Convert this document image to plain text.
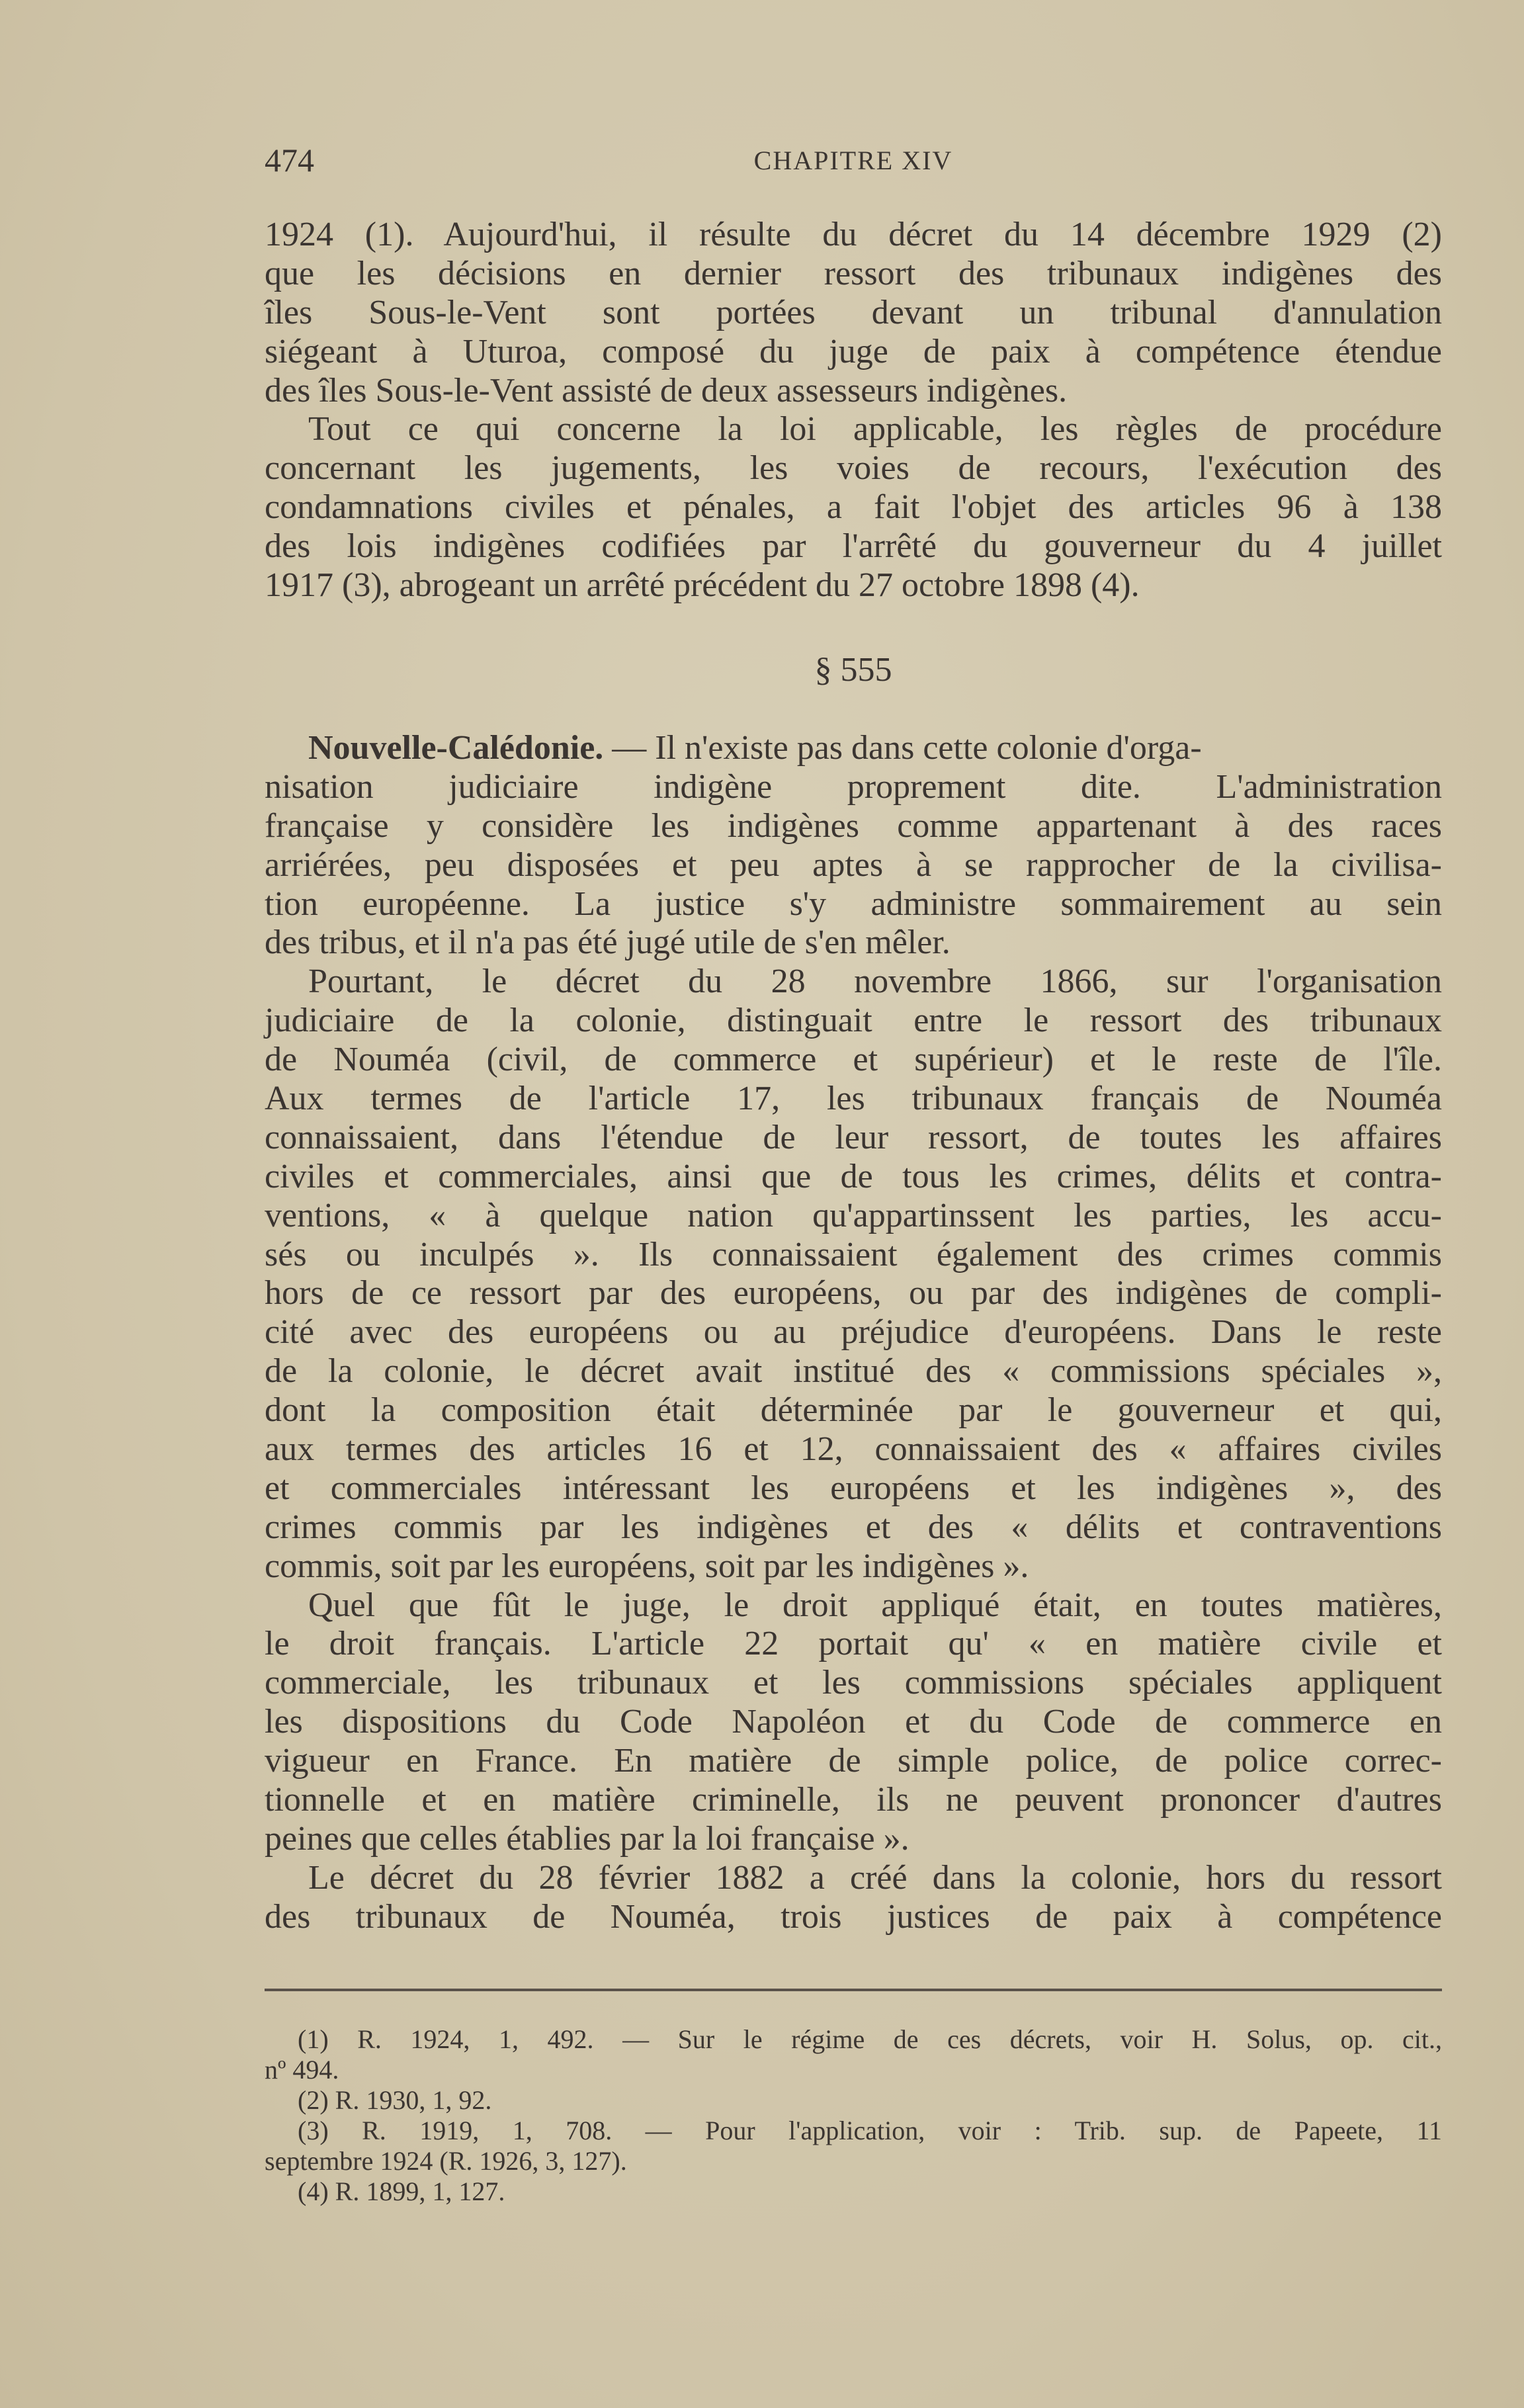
474	CHAPITRE XIV
1924 (1). Aujourd'hui, il résulte du décret du 14 décembre 1929 (2)
que les décisions en dernier ressort des tribunaux indigènes des
îles Sous-le-Vent sont portées devant un tribunal d'annulation
siégeant à Uturoa, composé du juge de paix à compétence étendue
des îles Sous-le-Vent assisté de deux assesseurs indigènes.
Tout ce qui concerne la loi applicable, les règles de procédure
concernant les jugements, les voies de recours, l'exécution des
condamnations civiles et pénales, a fait l'objet des articles 96 à 138
des lois indigènes codifiées par l'arrêté du gouverneur du 4 juillet
1917 (3), abrogeant un arrêté précédent du 27 octobre 1898 (4).
§ 555
Nouvelle-Calédonie. — Il n'existe pas dans cette colonie d'orga-
nisation judiciaire indigène proprement dite. L'administration
française y considère les indigènes comme appartenant à des races
arriérées, peu disposées et peu aptes à se rapprocher de la civilisa-
tion européenne. La justice s'y administre sommairement au sein
des tribus, et il n'a pas été jugé utile de s'en mêler.
Pourtant, le décret du 28 novembre 1866, sur l'organisation
judiciaire de la colonie, distinguait entre le ressort des tribunaux
de Nouméa (civil, de commerce et supérieur) et le reste de l'île.
Aux termes de l'article 17, les tribunaux français de Nouméa
connaissaient, dans l'étendue de leur ressort, de toutes les affaires
civiles et commerciales, ainsi que de tous les crimes, délits et contra-
ventions, « à quelque nation qu'appartinssent les parties, les accu-
sés ou inculpés ». Ils connaissaient également des crimes commis
hors de ce ressort par des européens, ou par des indigènes de compli-
cité avec des européens ou au préjudice d'européens. Dans le reste
de la colonie, le décret avait institué des « commissions spéciales »,
dont la composition était déterminée par le gouverneur et qui,
aux termes des articles 16 et 12, connaissaient des « affaires civiles
et commerciales intéressant les européens et les indigènes », des
crimes commis par les indigènes et des « délits et contraventions
commis, soit par les européens, soit par les indigènes ».
Quel que fût le juge, le droit appliqué était, en toutes matières,
le droit français. L'article 22 portait qu' « en matière civile et
commerciale, les tribunaux et les commissions spéciales appliquent
les dispositions du Code Napoléon et du Code de commerce en
vigueur en France. En matière de simple police, de police correc-
tionnelle et en matière criminelle, ils ne peuvent prononcer d'autres
peines que celles établies par la loi française ».
Le décret du 28 février 1882 a créé dans la colonie, hors du ressort
des tribunaux de Nouméa, trois justices de paix à compétence
(1) R. 1924, 1, 492. — Sur le régime de ces décrets, voir H. Solus, op. cit.,
nº 494.
(2) R. 1930, 1, 92.
(3) R. 1919, 1, 708. — Pour l'application, voir : Trib. sup. de Papeete, 11
septembre 1924 (R. 1926, 3, 127).
(4) R. 1899, 1, 127.
